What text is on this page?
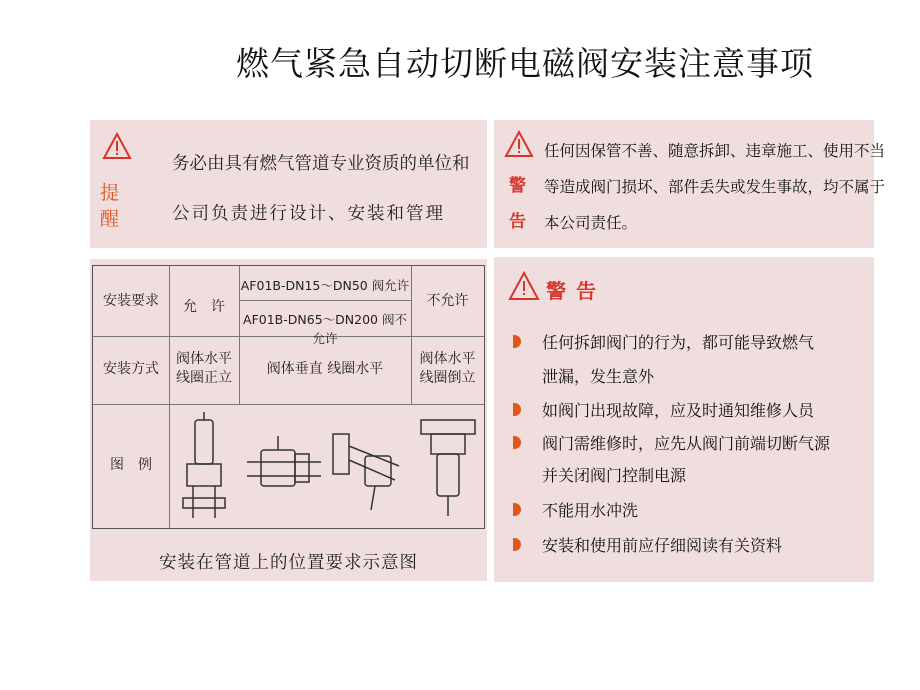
燃气紧急自动切断电磁阀安装注意事项
提
醒
务必由具有燃气管道专业资质的单位和
公司负责进行设计、安装和管理
警
告
任何因保管不善、随意拆卸、违章施工、使用不当
等造成阀门损坏、部件丢失或发生事故，均不属于
本公司责任。
安装要求
安装方式
图　例
允　许
AF01B-DN15～DN50 阀允许
AF01B-DN65～DN200 阀不允许
不允许
阀体水平
线圈正立
阀体垂直 线圈水平
阀体水平
线圈倒立
安装在管道上的位置要求示意图
警告
任何拆卸阀门的行为，都可能导致燃气
泄漏，发生意外
如阀门出现故障，应及时通知维修人员
阀门需维修时，应先从阀门前端切断气源
并关闭阀门控制电源
不能用水冲洗
安装和使用前应仔细阅读有关资料
